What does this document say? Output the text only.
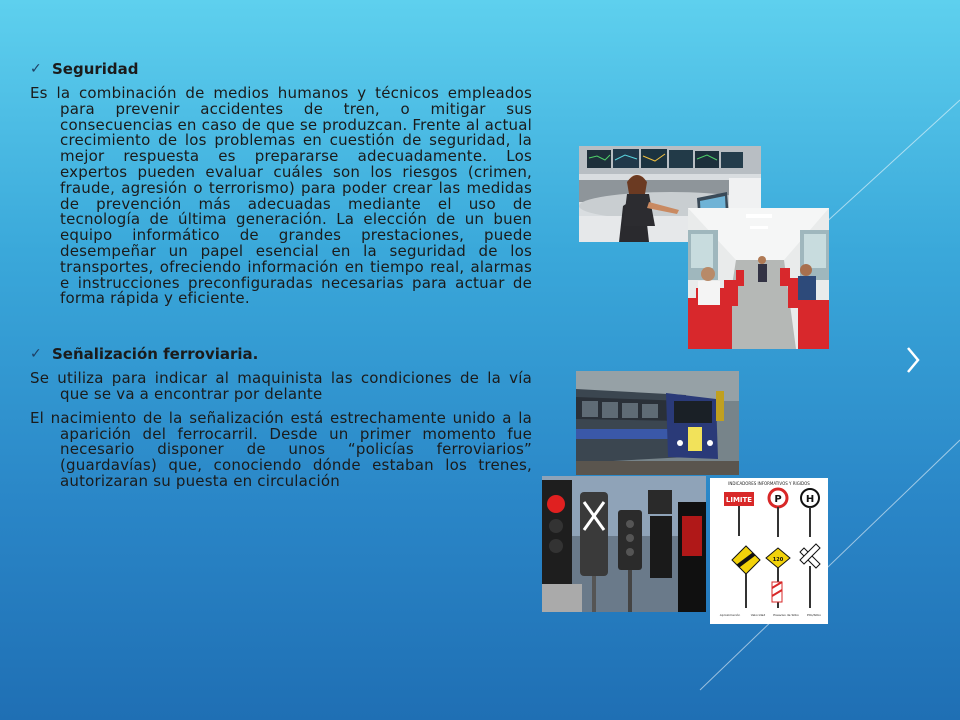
✓ Seguridad

Es la combinación de medios humanos y técnicos empleados para prevenir accidentes de tren, o mitigar sus consecuencias en caso de que se produzcan. Frente al actual crecimiento de los problemas en cuestión de seguridad, la mejor respuesta es prepararse adecuadamente. Los expertos pueden evaluar cuáles son los riesgos (crimen, fraude, agresión o terrorismo) para poder crear las medidas de prevención más adecuadas mediante el uso de tecnología de última generación. La elección de un buen equipo informático de grandes prestaciones, puede desempeñar un papel esencial en la seguridad de los transportes, ofreciendo información en tiempo real, alarmas e instrucciones preconfiguradas necesarias para actuar de forma rápida y eficiente.

✓ Señalización ferroviaria.

Se utiliza para indicar al maquinista las condiciones de la vía que se va a encontrar por delante

El nacimiento de la señalización está estrechamente unido a la aparición del ferrocarril. Desde un primer momento fue necesario disponer de unos “policías ferroviarios” (guardavías) que, conociendo dónde estaban los trenes, autorizaran su puesta en circulación	INDICADORES INFORMATIVOS Y RIGIDOS
LIMITE P H
120
Aproximación	Velocidad	Preaviso de Silbo	Pito/Silbo
